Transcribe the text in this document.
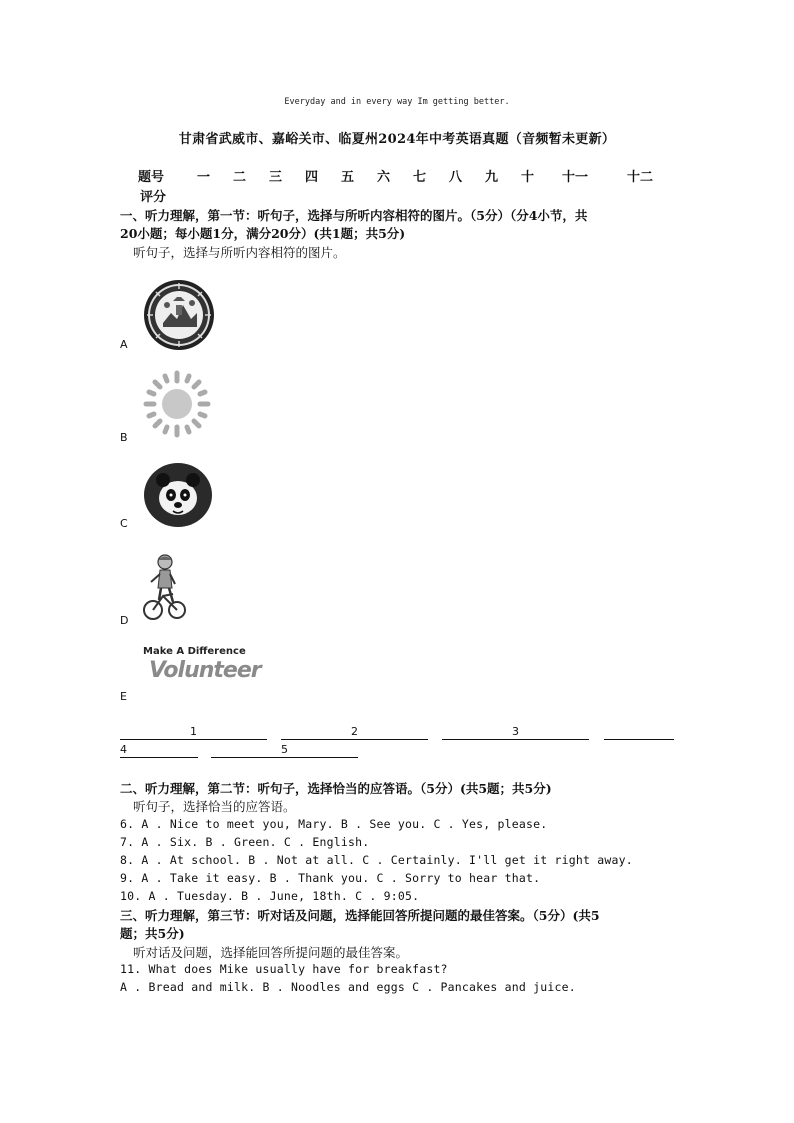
Everyday and in every way Im getting better.
甘肃省武威市、嘉峪关市、临夏州2024年中考英语真题（音频暂未更新）
题号	一 二 三 四 五 六 七 八 九 十 十一	十二
评分
一、听力理解，第一节：听句子，选择与所听内容相符的图片。（5分）（分4小节，共
20小题；每小题1分，满分20分）(共1题；共5分)
听句子，选择与所听内容相符的图片。
A
B
C
D
Make A Difference
Volunteer
E
1	2	3
4	5
二、听力理解，第二节：听句子，选择恰当的应答语。（5分）(共5题；共5分)
听句子，选择恰当的应答语。
6. A . Nice to meet you, Mary. B . See you. C . Yes, please.
7. A . Six. B . Green. C . English.
8. A . At school. B . Not at all. C . Certainly. I'll get it right away.
9. A . Take it easy. B . Thank you. C . Sorry to hear that.
10. A . Tuesday. B . June, 18th. C . 9:05.
三、听力理解，第三节：听对话及问题，选择能回答所提问题的最佳答案。（5分）(共5
题；共5分)
听对话及问题，选择能回答所提问题的最佳答案。
11. What does Mike usually have for breakfast?
A . Bread and milk. B . Noodles and eggs C . Pancakes and juice.
